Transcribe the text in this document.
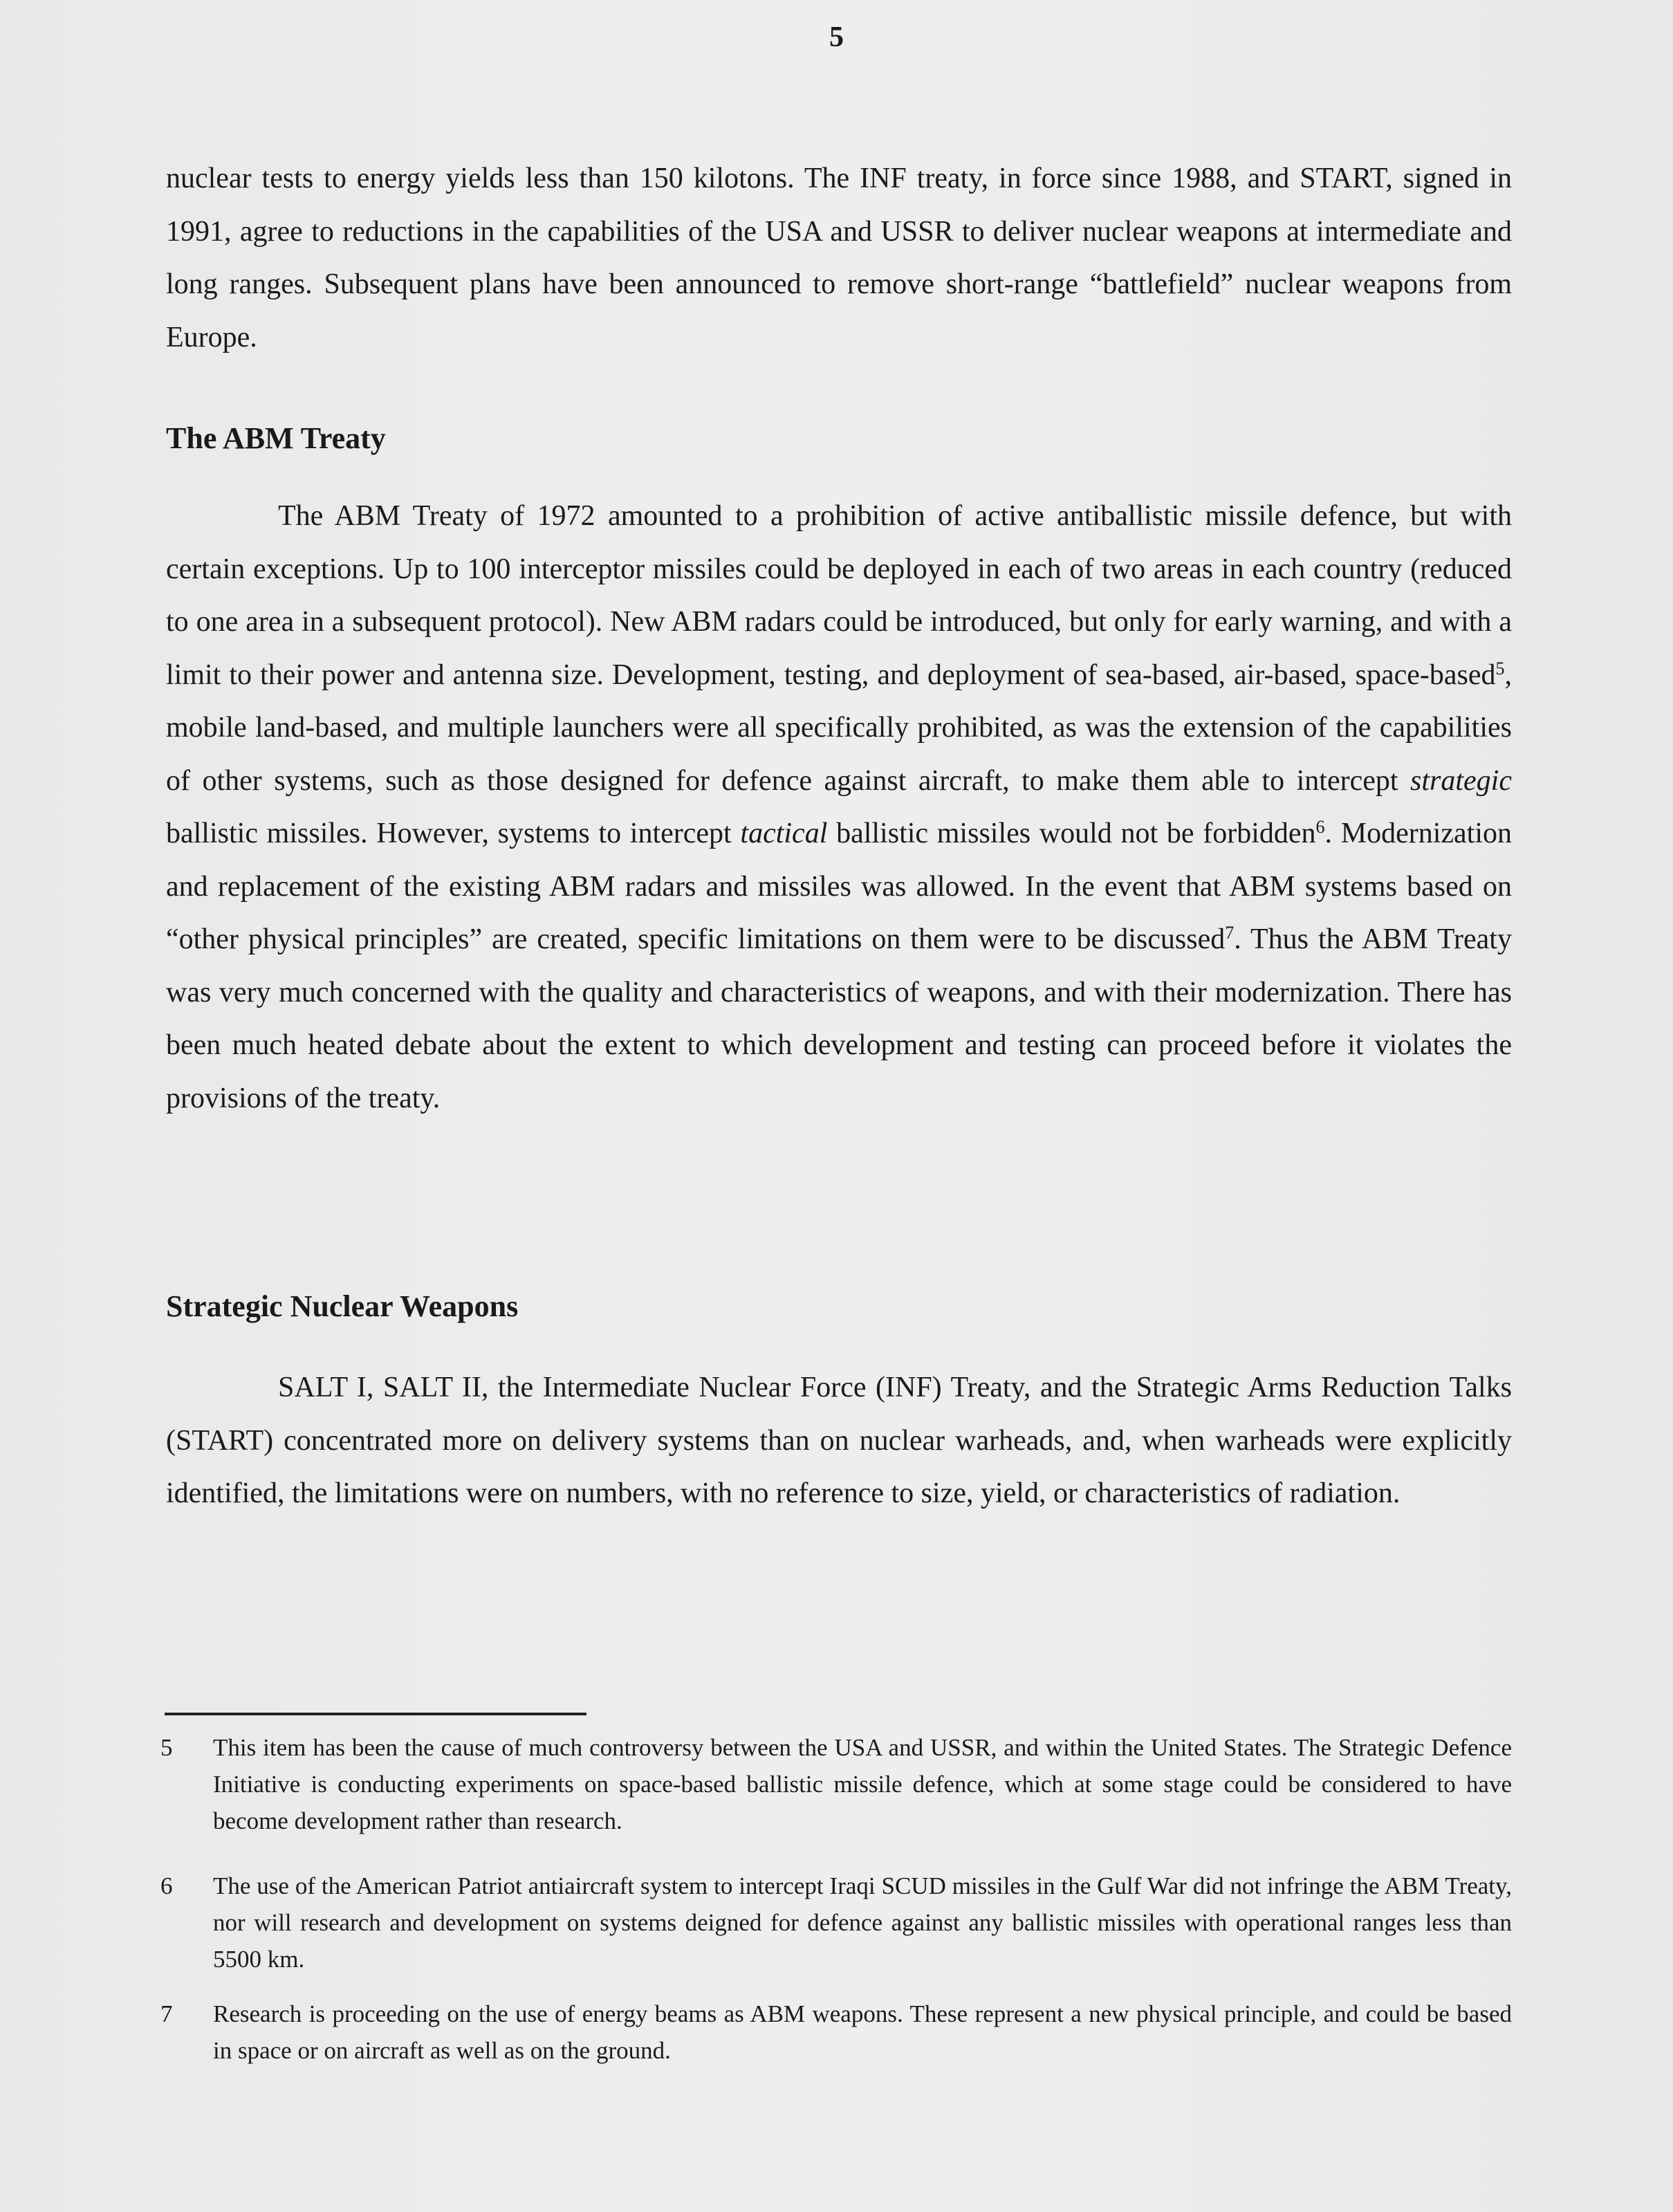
5

nuclear tests to energy yields less than 150 kilotons. The INF treaty, in force since 1988, and START, signed in 1991, agree to reductions in the capabilities of the USA and USSR to deliver nuclear weapons at intermediate and long ranges. Subsequent plans have been announced to remove short-range “battlefield” nuclear weapons from Europe.

The ABM Treaty

The ABM Treaty of 1972 amounted to a prohibition of active antiballistic missile defence, but with certain exceptions. Up to 100 interceptor missiles could be deployed in each of two areas in each country (reduced to one area in a subsequent protocol). New ABM radars could be introduced, but only for early warning, and with a limit to their power and antenna size. Development, testing, and deployment of sea-based, air-based, space-based$^5$, mobile land-based, and multiple launchers were all specifically prohibited, as was the extension of the capabilities of other systems, such as those designed for defence against aircraft, to make them able to intercept strategic ballistic missiles. However, systems to intercept tactical ballistic missiles would not be forbidden$^6$. Modernization and replacement of the existing ABM radars and missiles was allowed. In the event that ABM systems based on “other physical principles” are created, specific limitations on them were to be discussed$^7$. Thus the ABM Treaty was very much concerned with the quality and characteristics of weapons, and with their modernization. There has been much heated debate about the extent to which development and testing can proceed before it violates the provisions of the treaty.

Strategic Nuclear Weapons

SALT I, SALT II, the Intermediate Nuclear Force (INF) Treaty, and the Strategic Arms Reduction Talks (START) concentrated more on delivery systems than on nuclear warheads, and, when warheads were explicitly identified, the limitations were on numbers, with no reference to size, yield, or characteristics of radiation.

5	This item has been the cause of much controversy between the USA and USSR, and within the United States. The Strategic Defence Initiative is conducting experiments on space-based ballistic missile defence, which at some stage could be considered to have become development rather than research.
6	The use of the American Patriot antiaircraft system to intercept Iraqi SCUD missiles in the Gulf War did not infringe the ABM Treaty, nor will research and development on systems deigned for defence against any ballistic missiles with operational ranges less than 5500 km.
7	Research is proceeding on the use of energy beams as ABM weapons. These represent a new physical principle, and could be based in space or on aircraft as well as on the ground.
